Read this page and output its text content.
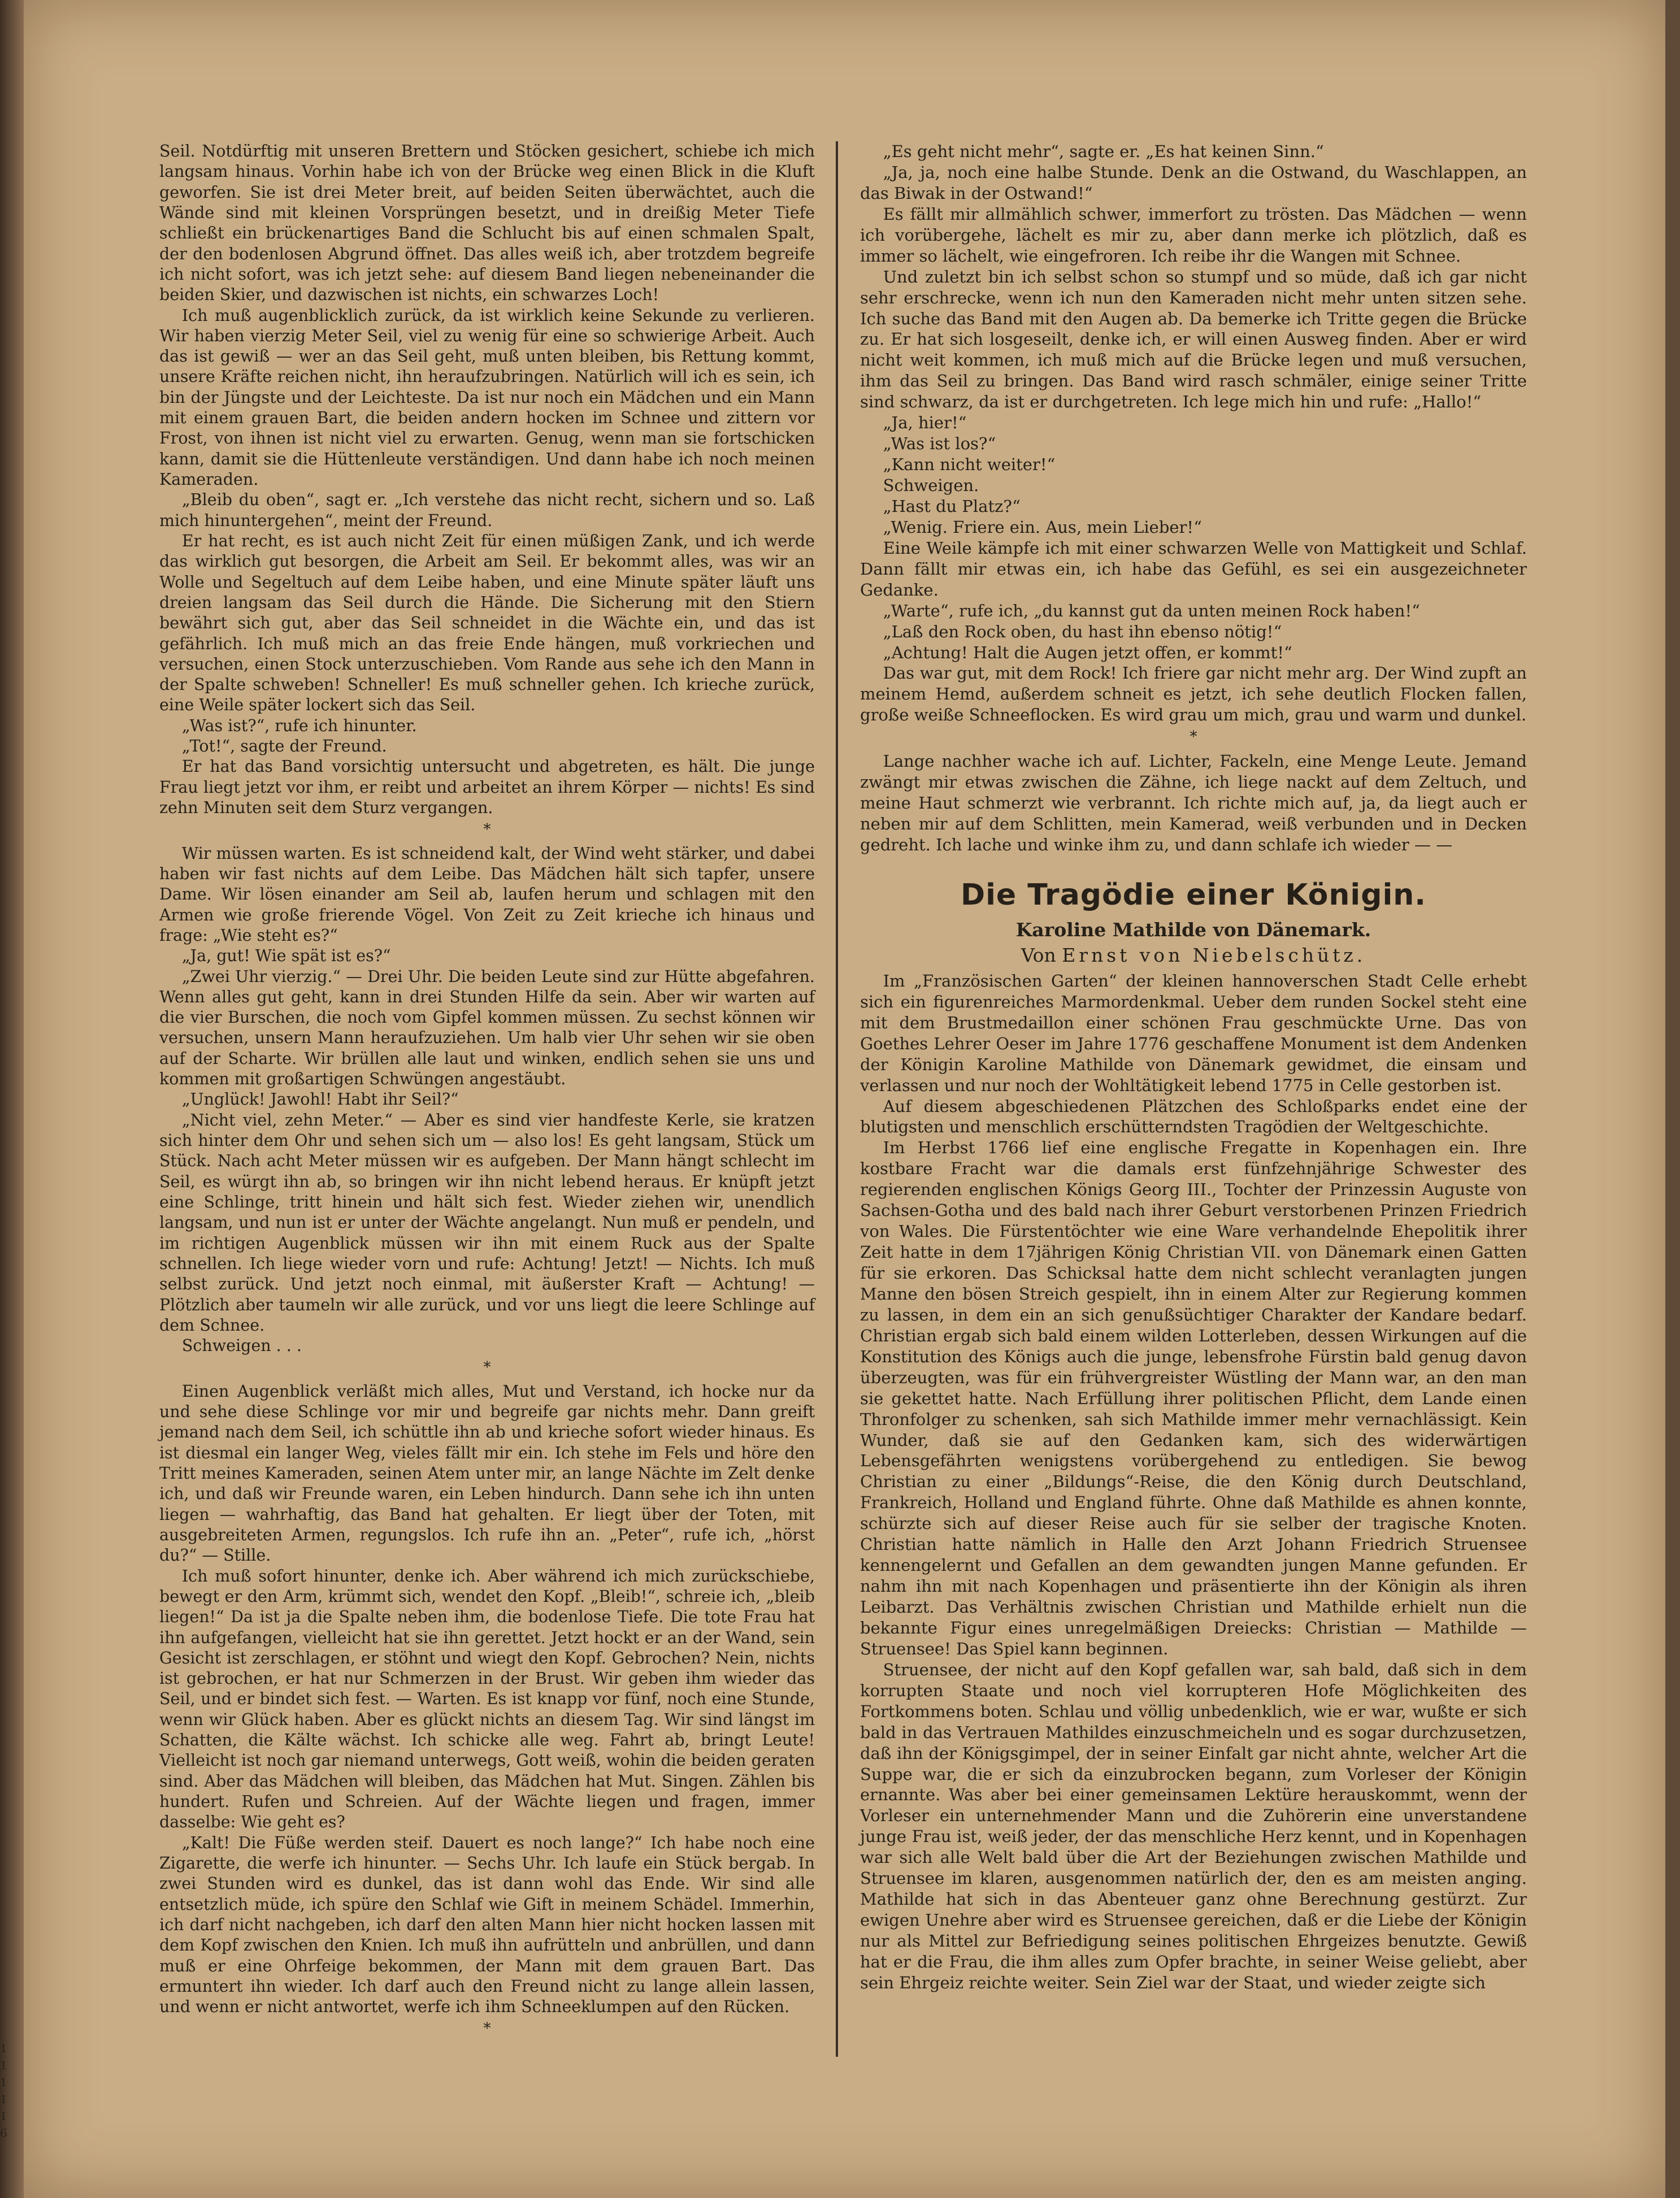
Seil. Notdürftig mit unseren Brettern und Stöcken gesichert, schiebe ich mich langsam hinaus. Vorhin habe ich von der Brücke weg einen Blick in die Kluft geworfen. Sie ist drei Meter breit, auf beiden Seiten überwächtet, auch die Wände sind mit kleinen Vorsprüngen besetzt, und in dreißig Meter Tiefe schließt ein brückenartiges Band die Schlucht bis auf einen schmalen Spalt, der den bodenlosen Abgrund öffnet. Das alles weiß ich, aber trotzdem begreife ich nicht sofort, was ich jetzt sehe: auf diesem Band liegen nebeneinander die beiden Skier, und dazwischen ist nichts, ein schwarzes Loch!

Ich muß augenblicklich zurück, da ist wirklich keine Sekunde zu verlieren. Wir haben vierzig Meter Seil, viel zu wenig für eine so schwierige Arbeit. Auch das ist gewiß — wer an das Seil geht, muß unten bleiben, bis Rettung kommt, unsere Kräfte reichen nicht, ihn heraufzubringen. Natürlich will ich es sein, ich bin der Jüngste und der Leichteste. Da ist nur noch ein Mädchen und ein Mann mit einem grauen Bart, die beiden andern hocken im Schnee und zittern vor Frost, von ihnen ist nicht viel zu erwarten. Genug, wenn man sie fortschicken kann, damit sie die Hüttenleute verständigen. Und dann habe ich noch meinen Kameraden.

„Bleib du oben“, sagt er. „Ich verstehe das nicht recht, sichern und so. Laß mich hinuntergehen“, meint der Freund.

Er hat recht, es ist auch nicht Zeit für einen müßigen Zank, und ich werde das wirklich gut besorgen, die Arbeit am Seil. Er bekommt alles, was wir an Wolle und Segeltuch auf dem Leibe haben, und eine Minute später läuft uns dreien langsam das Seil durch die Hände. Die Sicherung mit den Stiern bewährt sich gut, aber das Seil schneidet in die Wächte ein, und das ist gefährlich. Ich muß mich an das freie Ende hängen, muß vorkriechen und versuchen, einen Stock unterzuschieben. Vom Rande aus sehe ich den Mann in der Spalte schweben! Schneller! Es muß schneller gehen. Ich krieche zurück, eine Weile später lockert sich das Seil.

„Was ist?“, rufe ich hinunter.

„Tot!“, sagte der Freund.

Er hat das Band vorsichtig untersucht und abgetreten, es hält. Die junge Frau liegt jetzt vor ihm, er reibt und arbeitet an ihrem Körper — nichts! Es sind zehn Minuten seit dem Sturz vergangen.

*

Wir müssen warten. Es ist schneidend kalt, der Wind weht stärker, und dabei haben wir fast nichts auf dem Leibe. Das Mädchen hält sich tapfer, unsere Dame. Wir lösen einander am Seil ab, laufen herum und schlagen mit den Armen wie große frierende Vögel. Von Zeit zu Zeit krieche ich hinaus und frage: „Wie steht es?“

„Ja, gut! Wie spät ist es?“

„Zwei Uhr vierzig.“ — Drei Uhr. Die beiden Leute sind zur Hütte abgefahren. Wenn alles gut geht, kann in drei Stunden Hilfe da sein. Aber wir warten auf die vier Burschen, die noch vom Gipfel kommen müssen. Zu sechst können wir versuchen, unsern Mann heraufzuziehen. Um halb vier Uhr sehen wir sie oben auf der Scharte. Wir brüllen alle laut und winken, endlich sehen sie uns und kommen mit großartigen Schwüngen angestäubt.

„Unglück! Jawohl! Habt ihr Seil?“

„Nicht viel, zehn Meter.“ — Aber es sind vier handfeste Kerle, sie kratzen sich hinter dem Ohr und sehen sich um — also los! Es geht langsam, Stück um Stück. Nach acht Meter müssen wir es aufgeben. Der Mann hängt schlecht im Seil, es würgt ihn ab, so bringen wir ihn nicht lebend heraus. Er knüpft jetzt eine Schlinge, tritt hinein und hält sich fest. Wieder ziehen wir, unendlich langsam, und nun ist er unter der Wächte angelangt. Nun muß er pendeln, und im richtigen Augenblick müssen wir ihn mit einem Ruck aus der Spalte schnellen. Ich liege wieder vorn und rufe: Achtung! Jetzt! — Nichts. Ich muß selbst zurück. Und jetzt noch einmal, mit äußerster Kraft — Achtung! — Plötzlich aber taumeln wir alle zurück, und vor uns liegt die leere Schlinge auf dem Schnee.

Schweigen . . .

*

Einen Augenblick verläßt mich alles, Mut und Verstand, ich hocke nur da und sehe diese Schlinge vor mir und begreife gar nichts mehr. Dann greift jemand nach dem Seil, ich schüttle ihn ab und krieche sofort wieder hinaus. Es ist diesmal ein langer Weg, vieles fällt mir ein. Ich stehe im Fels und höre den Tritt meines Kameraden, seinen Atem unter mir, an lange Nächte im Zelt denke ich, und daß wir Freunde waren, ein Leben hindurch. Dann sehe ich ihn unten liegen — wahrhaftig, das Band hat gehalten. Er liegt über der Toten, mit ausgebreiteten Armen, regungslos. Ich rufe ihn an. „Peter“, rufe ich, „hörst du?“ — Stille.

Ich muß sofort hinunter, denke ich. Aber während ich mich zurückschiebe, bewegt er den Arm, krümmt sich, wendet den Kopf. „Bleib!“, schreie ich, „bleib liegen!“ Da ist ja die Spalte neben ihm, die bodenlose Tiefe. Die tote Frau hat ihn aufgefangen, vielleicht hat sie ihn gerettet. Jetzt hockt er an der Wand, sein Gesicht ist zerschlagen, er stöhnt und wiegt den Kopf. Gebrochen? Nein, nichts ist gebrochen, er hat nur Schmerzen in der Brust. Wir geben ihm wieder das Seil, und er bindet sich fest. — Warten. Es ist knapp vor fünf, noch eine Stunde, wenn wir Glück haben. Aber es glückt nichts an diesem Tag. Wir sind längst im Schatten, die Kälte wächst. Ich schicke alle weg. Fahrt ab, bringt Leute! Vielleicht ist noch gar niemand unterwegs, Gott weiß, wohin die beiden geraten sind. Aber das Mädchen will bleiben, das Mädchen hat Mut. Singen. Zählen bis hundert. Rufen und Schreien. Auf der Wächte liegen und fragen, immer dasselbe: Wie geht es?

„Kalt! Die Füße werden steif. Dauert es noch lange?“ Ich habe noch eine Zigarette, die werfe ich hinunter. — Sechs Uhr. Ich laufe ein Stück bergab. In zwei Stunden wird es dunkel, das ist dann wohl das Ende. Wir sind alle entsetzlich müde, ich spüre den Schlaf wie Gift in meinem Schädel. Immerhin, ich darf nicht nachgeben, ich darf den alten Mann hier nicht hocken lassen mit dem Kopf zwischen den Knien. Ich muß ihn aufrütteln und anbrüllen, und dann muß er eine Ohrfeige bekommen, der Mann mit dem grauen Bart. Das ermuntert ihn wieder. Ich darf auch den Freund nicht zu lange allein lassen, und wenn er nicht antwortet, werfe ich ihm Schneeklumpen auf den Rücken.

*

„Es geht nicht mehr“, sagte er. „Es hat keinen Sinn.“

„Ja, ja, noch eine halbe Stunde. Denk an die Ostwand, du Waschlappen, an das Biwak in der Ostwand!“

Es fällt mir allmählich schwer, immerfort zu trösten. Das Mädchen — wenn ich vorübergehe, lächelt es mir zu, aber dann merke ich plötzlich, daß es immer so lächelt, wie eingefroren. Ich reibe ihr die Wangen mit Schnee.

Und zuletzt bin ich selbst schon so stumpf und so müde, daß ich gar nicht sehr erschrecke, wenn ich nun den Kameraden nicht mehr unten sitzen sehe. Ich suche das Band mit den Augen ab. Da bemerke ich Tritte gegen die Brücke zu. Er hat sich losgeseilt, denke ich, er will einen Ausweg finden. Aber er wird nicht weit kommen, ich muß mich auf die Brücke legen und muß versuchen, ihm das Seil zu bringen. Das Band wird rasch schmäler, einige seiner Tritte sind schwarz, da ist er durchgetreten. Ich lege mich hin und rufe: „Hallo!“

„Ja, hier!“

„Was ist los?“

„Kann nicht weiter!“

Schweigen.

„Hast du Platz?“

„Wenig. Friere ein. Aus, mein Lieber!“

Eine Weile kämpfe ich mit einer schwarzen Welle von Mattigkeit und Schlaf. Dann fällt mir etwas ein, ich habe das Gefühl, es sei ein ausgezeichneter Gedanke.

„Warte“, rufe ich, „du kannst gut da unten meinen Rock haben!“

„Laß den Rock oben, du hast ihn ebenso nötig!“

„Achtung! Halt die Augen jetzt offen, er kommt!“

Das war gut, mit dem Rock! Ich friere gar nicht mehr arg. Der Wind zupft an meinem Hemd, außerdem schneit es jetzt, ich sehe deutlich Flocken fallen, große weiße Schneeflocken. Es wird grau um mich, grau und warm und dunkel.

*

Lange nachher wache ich auf. Lichter, Fackeln, eine Menge Leute. Jemand zwängt mir etwas zwischen die Zähne, ich liege nackt auf dem Zeltuch, und meine Haut schmerzt wie verbrannt. Ich richte mich auf, ja, da liegt auch er neben mir auf dem Schlitten, mein Kamerad, weiß verbunden und in Decken gedreht. Ich lache und winke ihm zu, und dann schlafe ich wieder — —

Die Tragödie einer Königin.
Karoline Mathilde von Dänemark.
Von Ernst von Niebelschütz.

Im „Französischen Garten“ der kleinen hannoverschen Stadt Celle erhebt sich ein figurenreiches Marmordenkmal. Ueber dem runden Sockel steht eine mit dem Brustmedaillon einer schönen Frau geschmückte Urne. Das von Goethes Lehrer Oeser im Jahre 1776 geschaffene Monument ist dem Andenken der Königin Karoline Mathilde von Dänemark gewidmet, die einsam und verlassen und nur noch der Wohltätigkeit lebend 1775 in Celle gestorben ist.

Auf diesem abgeschiedenen Plätzchen des Schloßparks endet eine der blutigsten und menschlich erschütterndsten Tragödien der Weltgeschichte.

Im Herbst 1766 lief eine englische Fregatte in Kopenhagen ein. Ihre kostbare Fracht war die damals erst fünfzehnjährige Schwester des regierenden englischen Königs Georg III., Tochter der Prinzessin Auguste von Sachsen-Gotha und des bald nach ihrer Geburt verstorbenen Prinzen Friedrich von Wales. Die Fürstentöchter wie eine Ware verhandelnde Ehepolitik ihrer Zeit hatte in dem 17jährigen König Christian VII. von Dänemark einen Gatten für sie erkoren. Das Schicksal hatte dem nicht schlecht veranlagten jungen Manne den bösen Streich gespielt, ihn in einem Alter zur Regierung kommen zu lassen, in dem ein an sich genußsüchtiger Charakter der Kandare bedarf. Christian ergab sich bald einem wilden Lotterleben, dessen Wirkungen auf die Konstitution des Königs auch die junge, lebensfrohe Fürstin bald genug davon überzeugten, was für ein frühvergreister Wüstling der Mann war, an den man sie gekettet hatte. Nach Erfüllung ihrer politischen Pflicht, dem Lande einen Thronfolger zu schenken, sah sich Mathilde immer mehr vernachlässigt. Kein Wunder, daß sie auf den Gedanken kam, sich des widerwärtigen Lebensgefährten wenigstens vorübergehend zu entledigen. Sie bewog Christian zu einer „Bildungs“-Reise, die den König durch Deutschland, Frankreich, Holland und England führte. Ohne daß Mathilde es ahnen konnte, schürzte sich auf dieser Reise auch für sie selber der tragische Knoten. Christian hatte nämlich in Halle den Arzt Johann Friedrich Struensee kennengelernt und Gefallen an dem gewandten jungen Manne gefunden. Er nahm ihn mit nach Kopenhagen und präsentierte ihn der Königin als ihren Leibarzt. Das Verhältnis zwischen Christian und Mathilde erhielt nun die bekannte Figur eines unregelmäßigen Dreiecks: Christian — Mathilde — Struensee! Das Spiel kann beginnen.

Struensee, der nicht auf den Kopf gefallen war, sah bald, daß sich in dem korrupten Staate und noch viel korrupteren Hofe Möglichkeiten des Fortkommens boten. Schlau und völlig unbedenklich, wie er war, wußte er sich bald in das Vertrauen Mathildes einzuschmeicheln und es sogar durchzusetzen, daß ihn der Königsgimpel, der in seiner Einfalt gar nicht ahnte, welcher Art die Suppe war, die er sich da einzubrocken begann, zum Vorleser der Königin ernannte. Was aber bei einer gemeinsamen Lektüre herauskommt, wenn der Vorleser ein unternehmender Mann und die Zuhörerin eine unverstandene junge Frau ist, weiß jeder, der das menschliche Herz kennt, und in Kopenhagen war sich alle Welt bald über die Art der Beziehungen zwischen Mathilde und Struensee im klaren, ausgenommen natürlich der, den es am meisten anging. Mathilde hat sich in das Abenteuer ganz ohne Berechnung gestürzt. Zur ewigen Unehre aber wird es Struensee gereichen, daß er die Liebe der Königin nur als Mittel zur Befriedigung seines politischen Ehrgeizes benutzte. Gewiß hat er die Frau, die ihm alles zum Opfer brachte, in seiner Weise geliebt, aber sein Ehrgeiz reichte weiter. Sein Ziel war der Staat, und wieder zeigte sich

1
1
1
1
1
6
